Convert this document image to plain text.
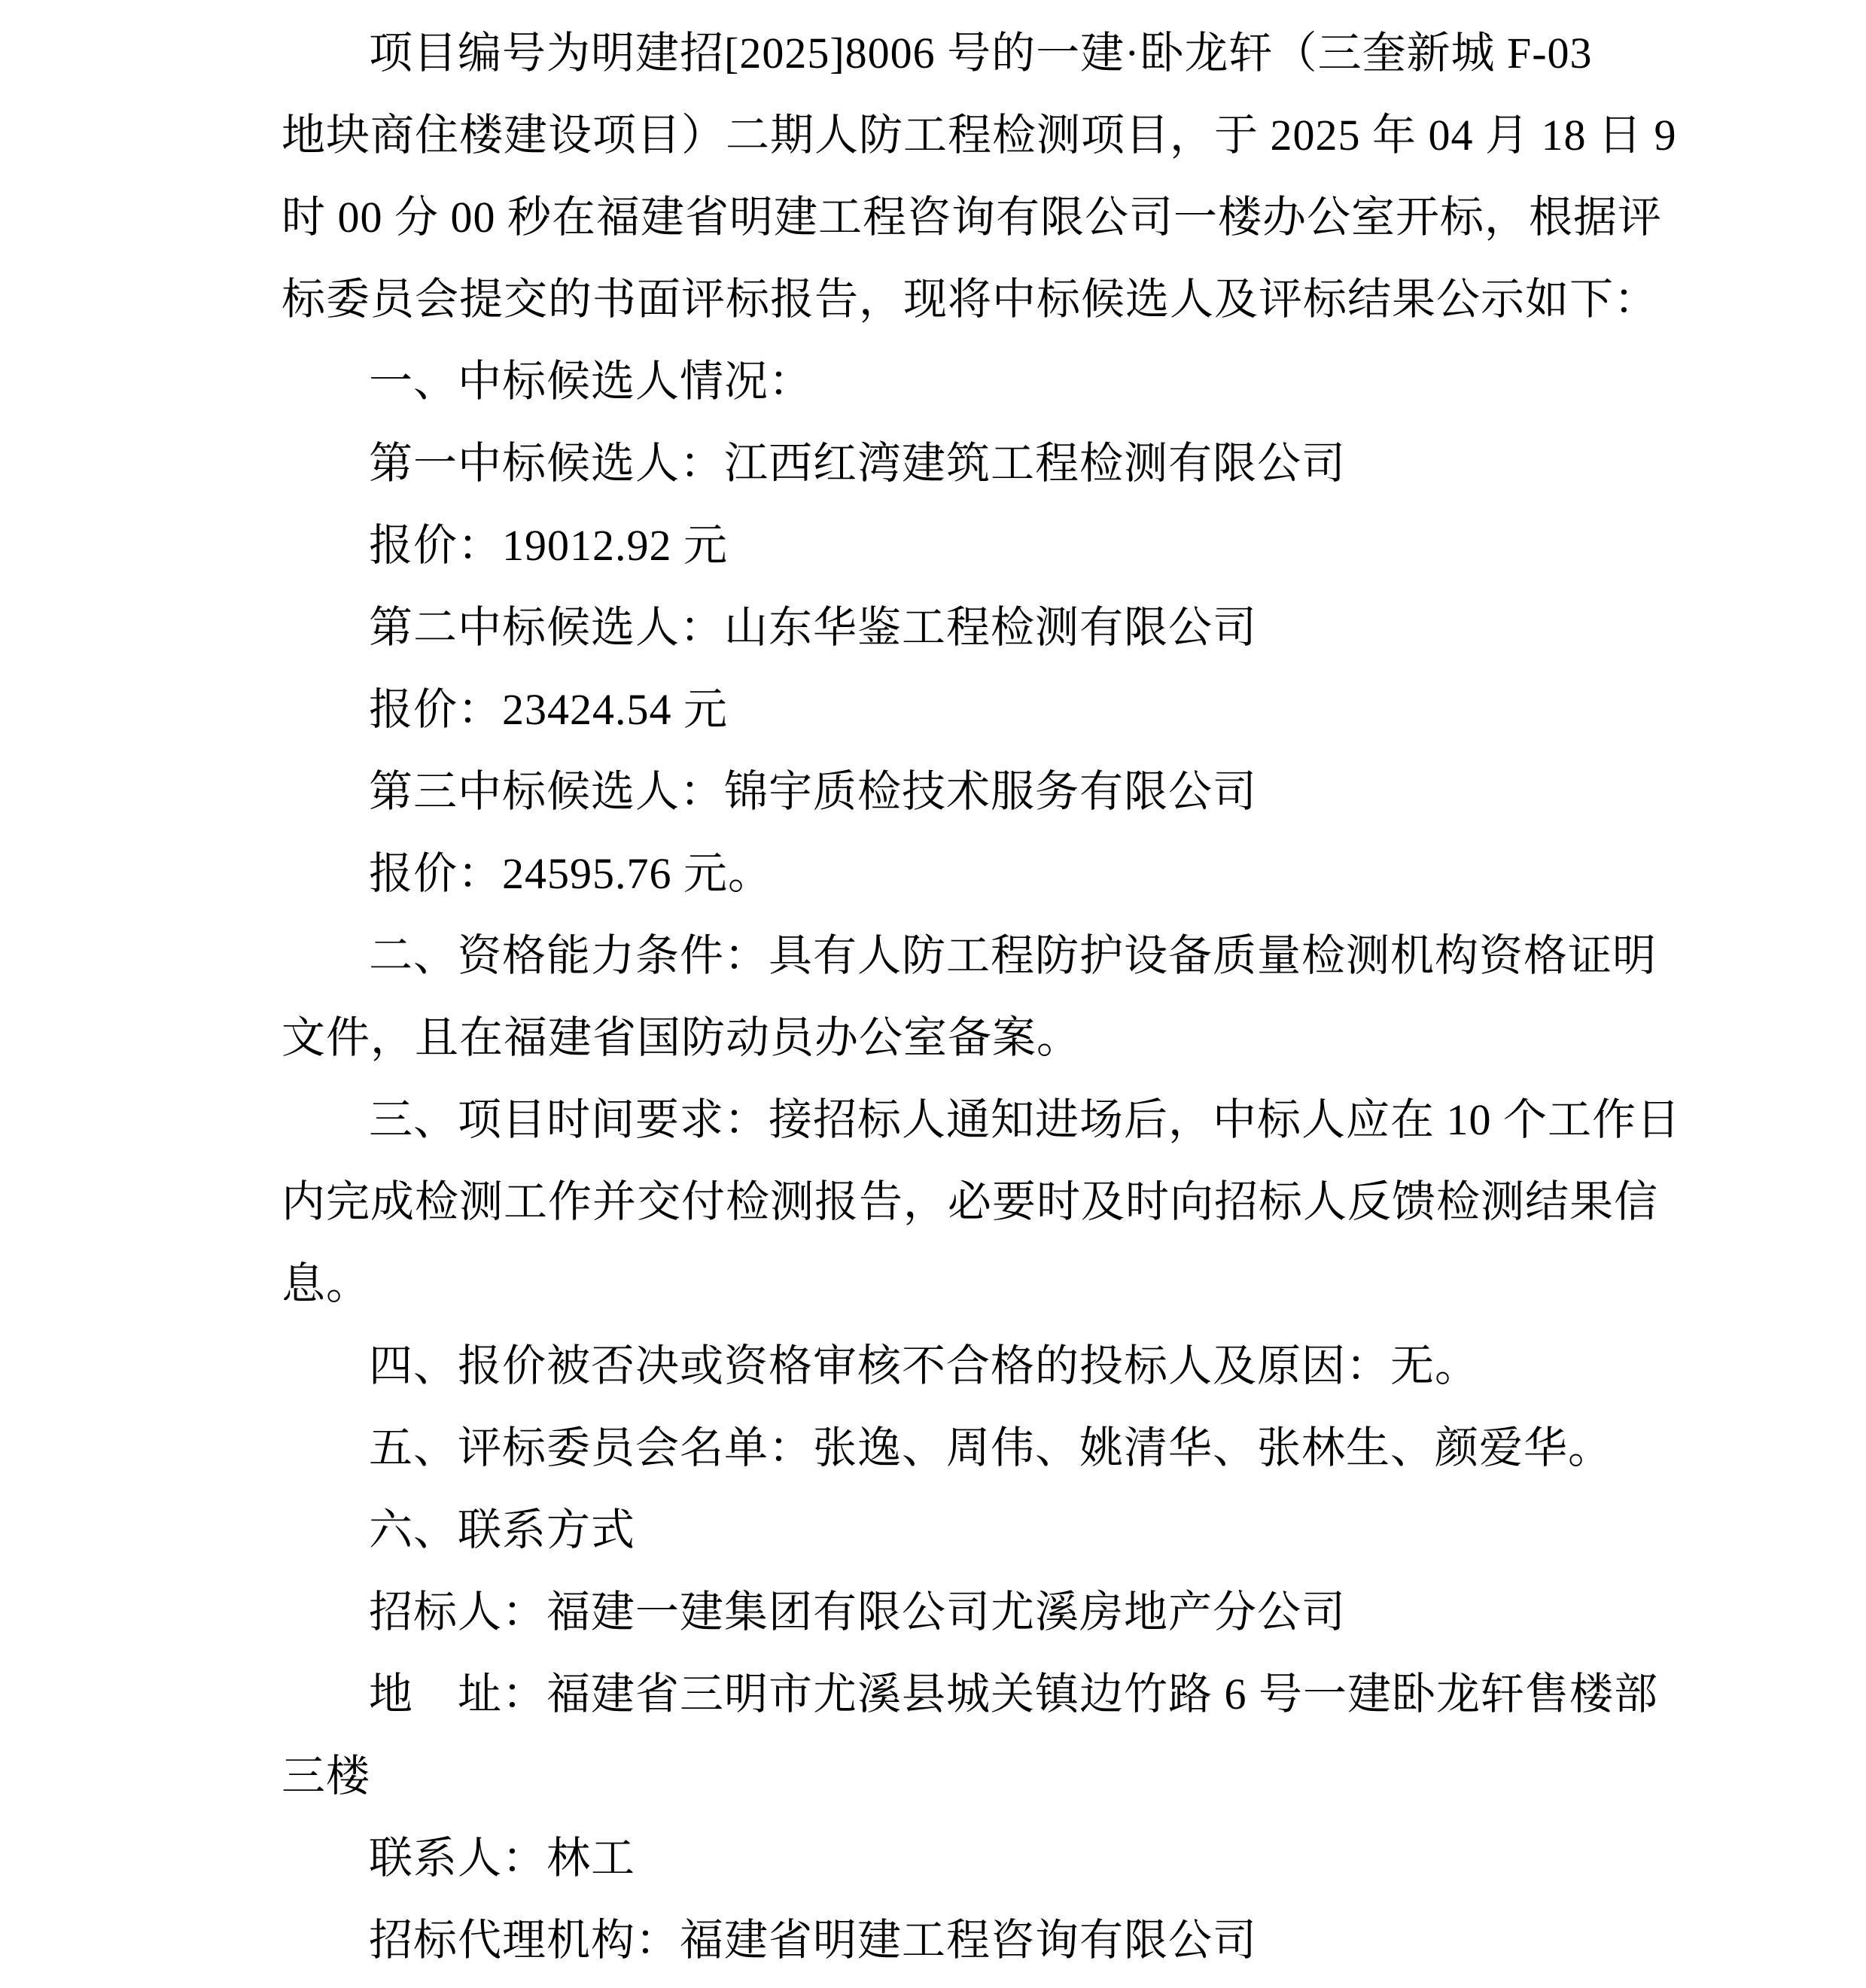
项目编号为明建招[2025]8006 号的一建·卧龙轩（三奎新城 F-03
地块商住楼建设项目）二期人防工程检测项目，于 2025 年 04 月 18 日 9
时 00 分 00 秒在福建省明建工程咨询有限公司一楼办公室开标，根据评
标委员会提交的书面评标报告，现将中标候选人及评标结果公示如下：
一、中标候选人情况：
第一中标候选人：江西红湾建筑工程检测有限公司
报价：19012.92 元
第二中标候选人：山东华鉴工程检测有限公司
报价：23424.54 元
第三中标候选人：锦宇质检技术服务有限公司
报价：24595.76 元。
二、资格能力条件：具有人防工程防护设备质量检测机构资格证明
文件，且在福建省国防动员办公室备案。
三、项目时间要求：接招标人通知进场后，中标人应在 10 个工作日
内完成检测工作并交付检测报告，必要时及时向招标人反馈检测结果信
息。
四、报价被否决或资格审核不合格的投标人及原因：无。
五、评标委员会名单：张逸、周伟、姚清华、张林生、颜爱华。
六、联系方式
招标人：福建一建集团有限公司尤溪房地产分公司
地　址：福建省三明市尤溪县城关镇边竹路 6 号一建卧龙轩售楼部
三楼
联系人：林工
招标代理机构：福建省明建工程咨询有限公司
